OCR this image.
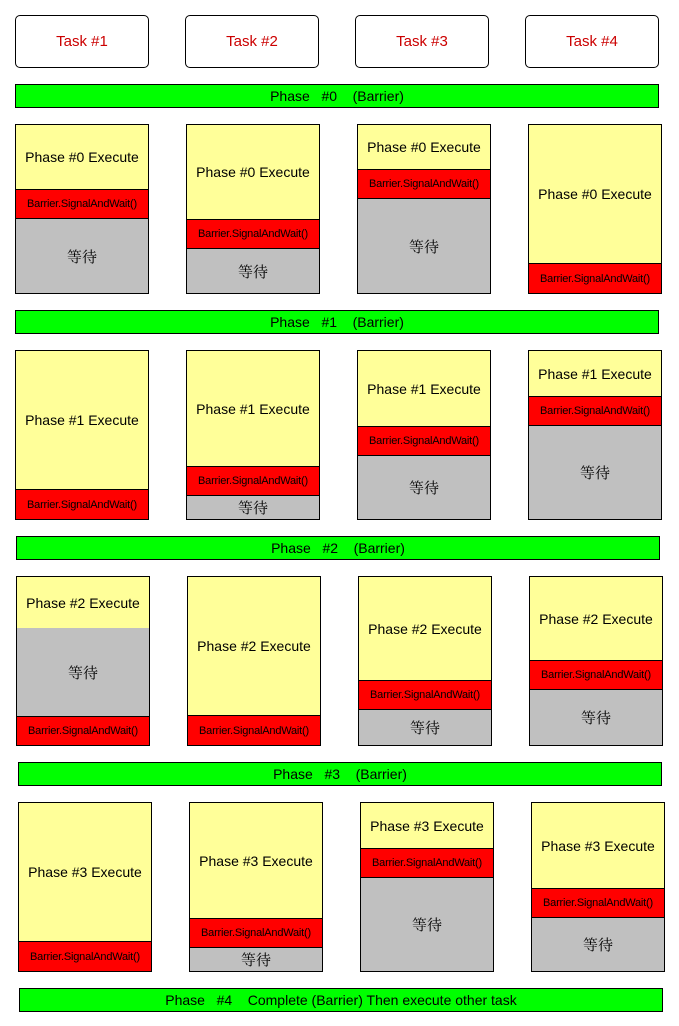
Task #1	Task #2	Task #3	Task #4
Phase   #0    (Barrier)
Phase   #1    (Barrier)
Phase   #2    (Barrier)
Phase   #3    (Barrier)
Phase   #4    Complete (Barrier) Then execute other task
Phase #0 Execute
Barrier.SignalAndWait()
等待
Phase #0 Execute
Barrier.SignalAndWait()
等待
Phase #0 Execute
Barrier.SignalAndWait()
等待
Phase #0 Execute
Barrier.SignalAndWait()
Phase #1 Execute
Barrier.SignalAndWait()
Phase #1 Execute
Barrier.SignalAndWait()
等待
Phase #1 Execute
Barrier.SignalAndWait()
等待
Phase #1 Execute
Barrier.SignalAndWait()
等待
Phase #2 Execute
等待
Barrier.SignalAndWait()
Phase #2 Execute
Barrier.SignalAndWait()
Phase #2 Execute
Barrier.SignalAndWait()
等待
Phase #2 Execute
Barrier.SignalAndWait()
等待
Phase #3 Execute
Barrier.SignalAndWait()
Phase #3 Execute
Barrier.SignalAndWait()
等待
Phase #3 Execute
Barrier.SignalAndWait()
等待
Phase #3 Execute
Barrier.SignalAndWait()
等待
